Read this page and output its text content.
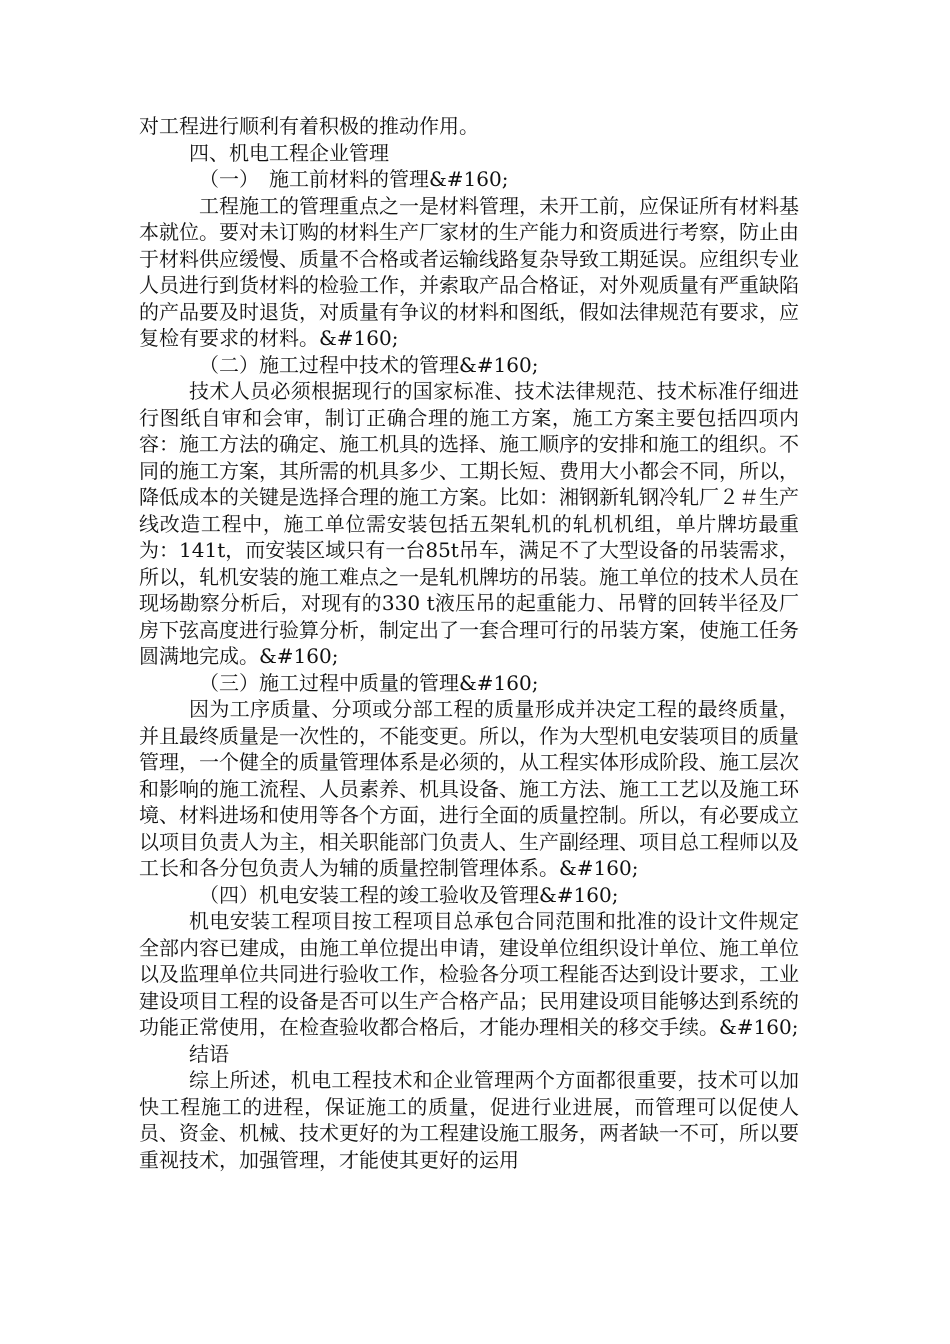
对工程进行顺利有着积极的推动作用。

四、机电工程企业管理

（一）　施工前材料的管理&#160;

工程施工的管理重点之一是材料管理，未开工前，应保证所有材料基本就位。要对未订购的材料生产厂家材的生产能力和资质进行考察，防止由于材料供应缓慢、质量不合格或者运输线路复杂导致工期延误。应组织专业人员进行到货材料的检验工作，并索取产品合格证，对外观质量有严重缺陷的产品要及时退货，对质量有争议的材料和图纸，假如法律规范有要求，应复检有要求的材料。&#160;

（二）施工过程中技术的管理&#160;

技术人员必须根据现行的国家标准、技术法律规范、技术标准仔细进行图纸自审和会审，制订正确合理的施工方案，施工方案主要包括四项内容：施工方法的确定、施工机具的选择、施工顺序的安排和施工的组织。不同的施工方案，其所需的机具多少、工期长短、费用大小都会不同，所以，降低成本的关键是选择合理的施工方案。比如：湘钢新轧钢冷轧厂２＃生产线改造工程中，施工单位需安装包括五架轧机的轧机机组，单片牌坊最重为：141t，而安装区域只有一台85t吊车，满足不了大型设备的吊装需求，所以，轧机安装的施工难点之一是轧机牌坊的吊装。施工单位的技术人员在现场勘察分析后，对现有的330 t液压吊的起重能力、吊臂的回转半径及厂房下弦高度进行验算分析，制定出了一套合理可行的吊装方案，使施工任务圆满地完成。&#160;

（三）施工过程中质量的管理&#160;

因为工序质量、分项或分部工程的质量形成并决定工程的最终质量，并且最终质量是一次性的，不能变更。所以，作为大型机电安装项目的质量管理，一个健全的质量管理体系是必须的，从工程实体形成阶段、施工层次和影响的施工流程、人员素养、机具设备、施工方法、施工工艺以及施工环境、材料进场和使用等各个方面，进行全面的质量控制。所以，有必要成立以项目负责人为主，相关职能部门负责人、生产副经理、项目总工程师以及工长和各分包负责人为辅的质量控制管理体系。&#160;

（四）机电安装工程的竣工验收及管理&#160;

机电安装工程项目按工程项目总承包合同范围和批准的设计文件规定全部内容已建成，由施工单位提出申请，建设单位组织设计单位、施工单位以及监理单位共同进行验收工作，检验各分项工程能否达到设计要求，工业建设项目工程的设备是否可以生产合格产品；民用建设项目能够达到系统的功能正常使用，在检查验收都合格后，才能办理相关的移交手续。&#160;

结语

综上所述，机电工程技术和企业管理两个方面都很重要，技术可以加快工程施工的进程，保证施工的质量，促进行业进展，而管理可以促使人员、资金、机械、技术更好的为工程建设施工服务，两者缺一不可，所以要重视技术，加强管理，才能使其更好的运用
